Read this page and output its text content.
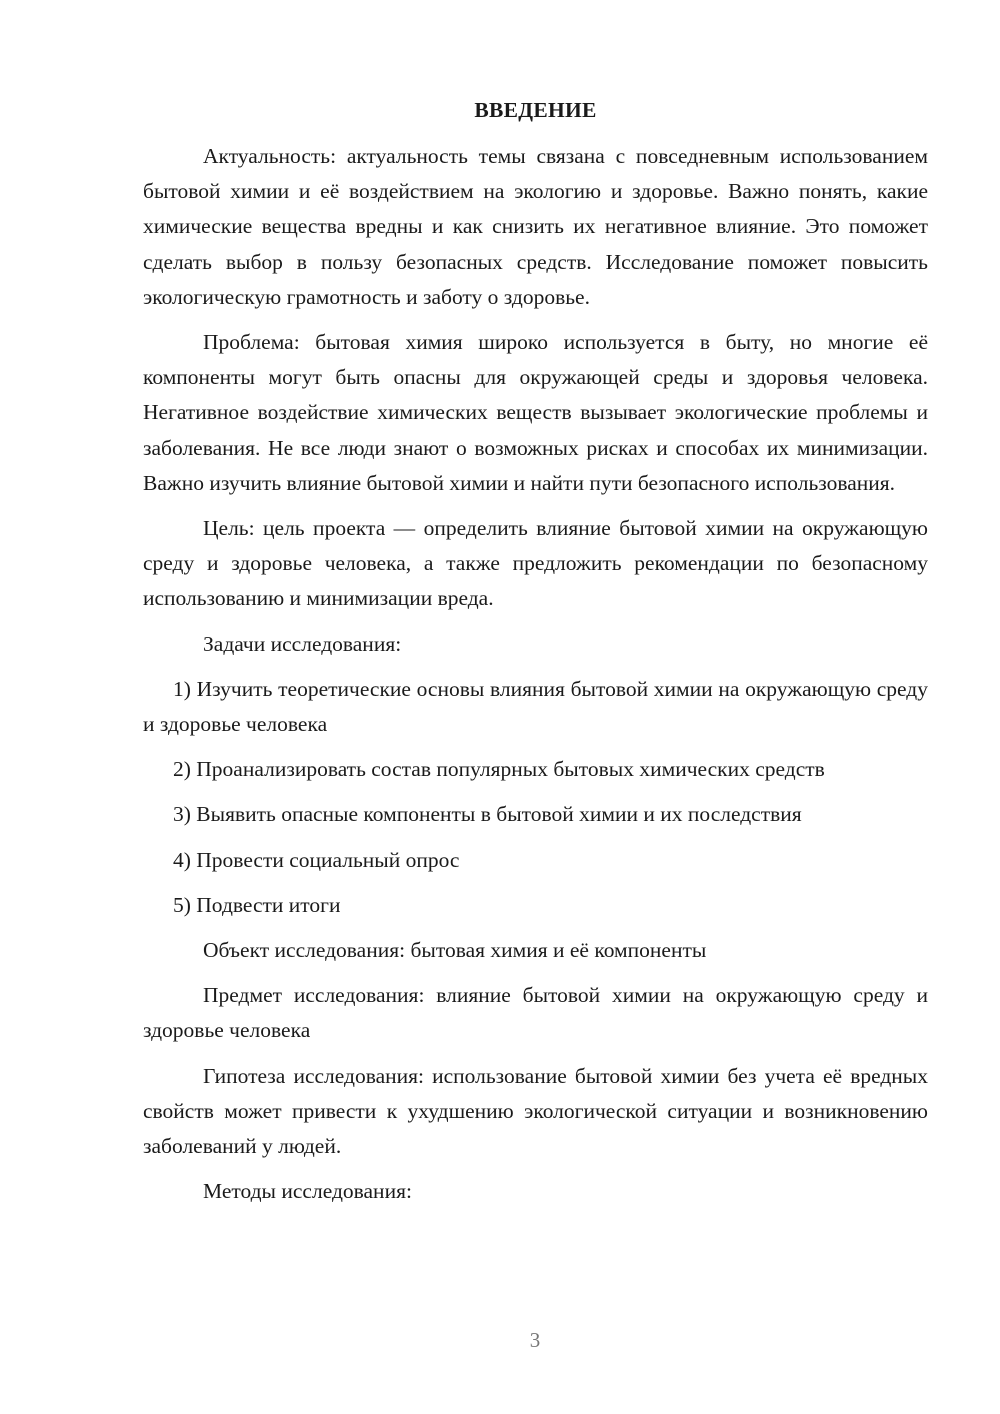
ВВЕДЕНИЕ

Актуальность: актуальность темы связана с повседневным использованием бытовой химии и её воздействием на экологию и здоровье. Важно понять, какие химические вещества вредны и как снизить их негативное влияние. Это поможет сделать выбор в пользу безопасных средств. Исследование поможет повысить экологическую грамотность и заботу о здоровье.

Проблема: бытовая химия широко используется в быту, но многие её компоненты могут быть опасны для окружающей среды и здоровья человека. Негативное воздействие химических веществ вызывает экологические проблемы и заболевания. Не все люди знают о возможных рисках и способах их минимизации. Важно изучить влияние бытовой химии и найти пути безопасного использования.

Цель: цель проекта — определить влияние бытовой химии на окружающую среду и здоровье человека, а также предложить рекомендации по безопасному использованию и минимизации вреда.

Задачи исследования:

1) Изучить теоретические основы влияния бытовой химии на окружающую среду и здоровье человека

2) Проанализировать состав популярных бытовых химических средств

3) Выявить опасные компоненты в бытовой химии и их последствия

4) Провести социальный опрос

5) Подвести итоги

Объект исследования: бытовая химия и её компоненты

Предмет исследования: влияние бытовой химии на окружающую среду и здоровье человека

Гипотеза исследования: использование бытовой химии без учета её вредных свойств может привести к ухудшению экологической ситуации и возникновению заболеваний у людей.

Методы исследования:

3
